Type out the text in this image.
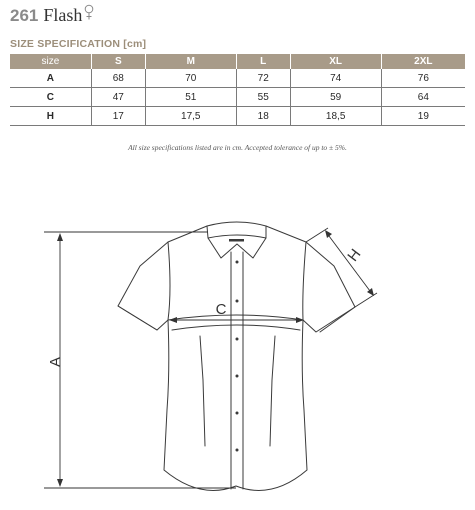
261 Flash
SIZE SPECIFICATION [cm]
size	S	M	L	XL	2XL
A	68	70	72	74	76
C	47	51	55	59	64
H	17	17,5	18	18,5	19
All size specifications listed are in cm. Accepted tolerance of up to ± 5%.
A
C
H
